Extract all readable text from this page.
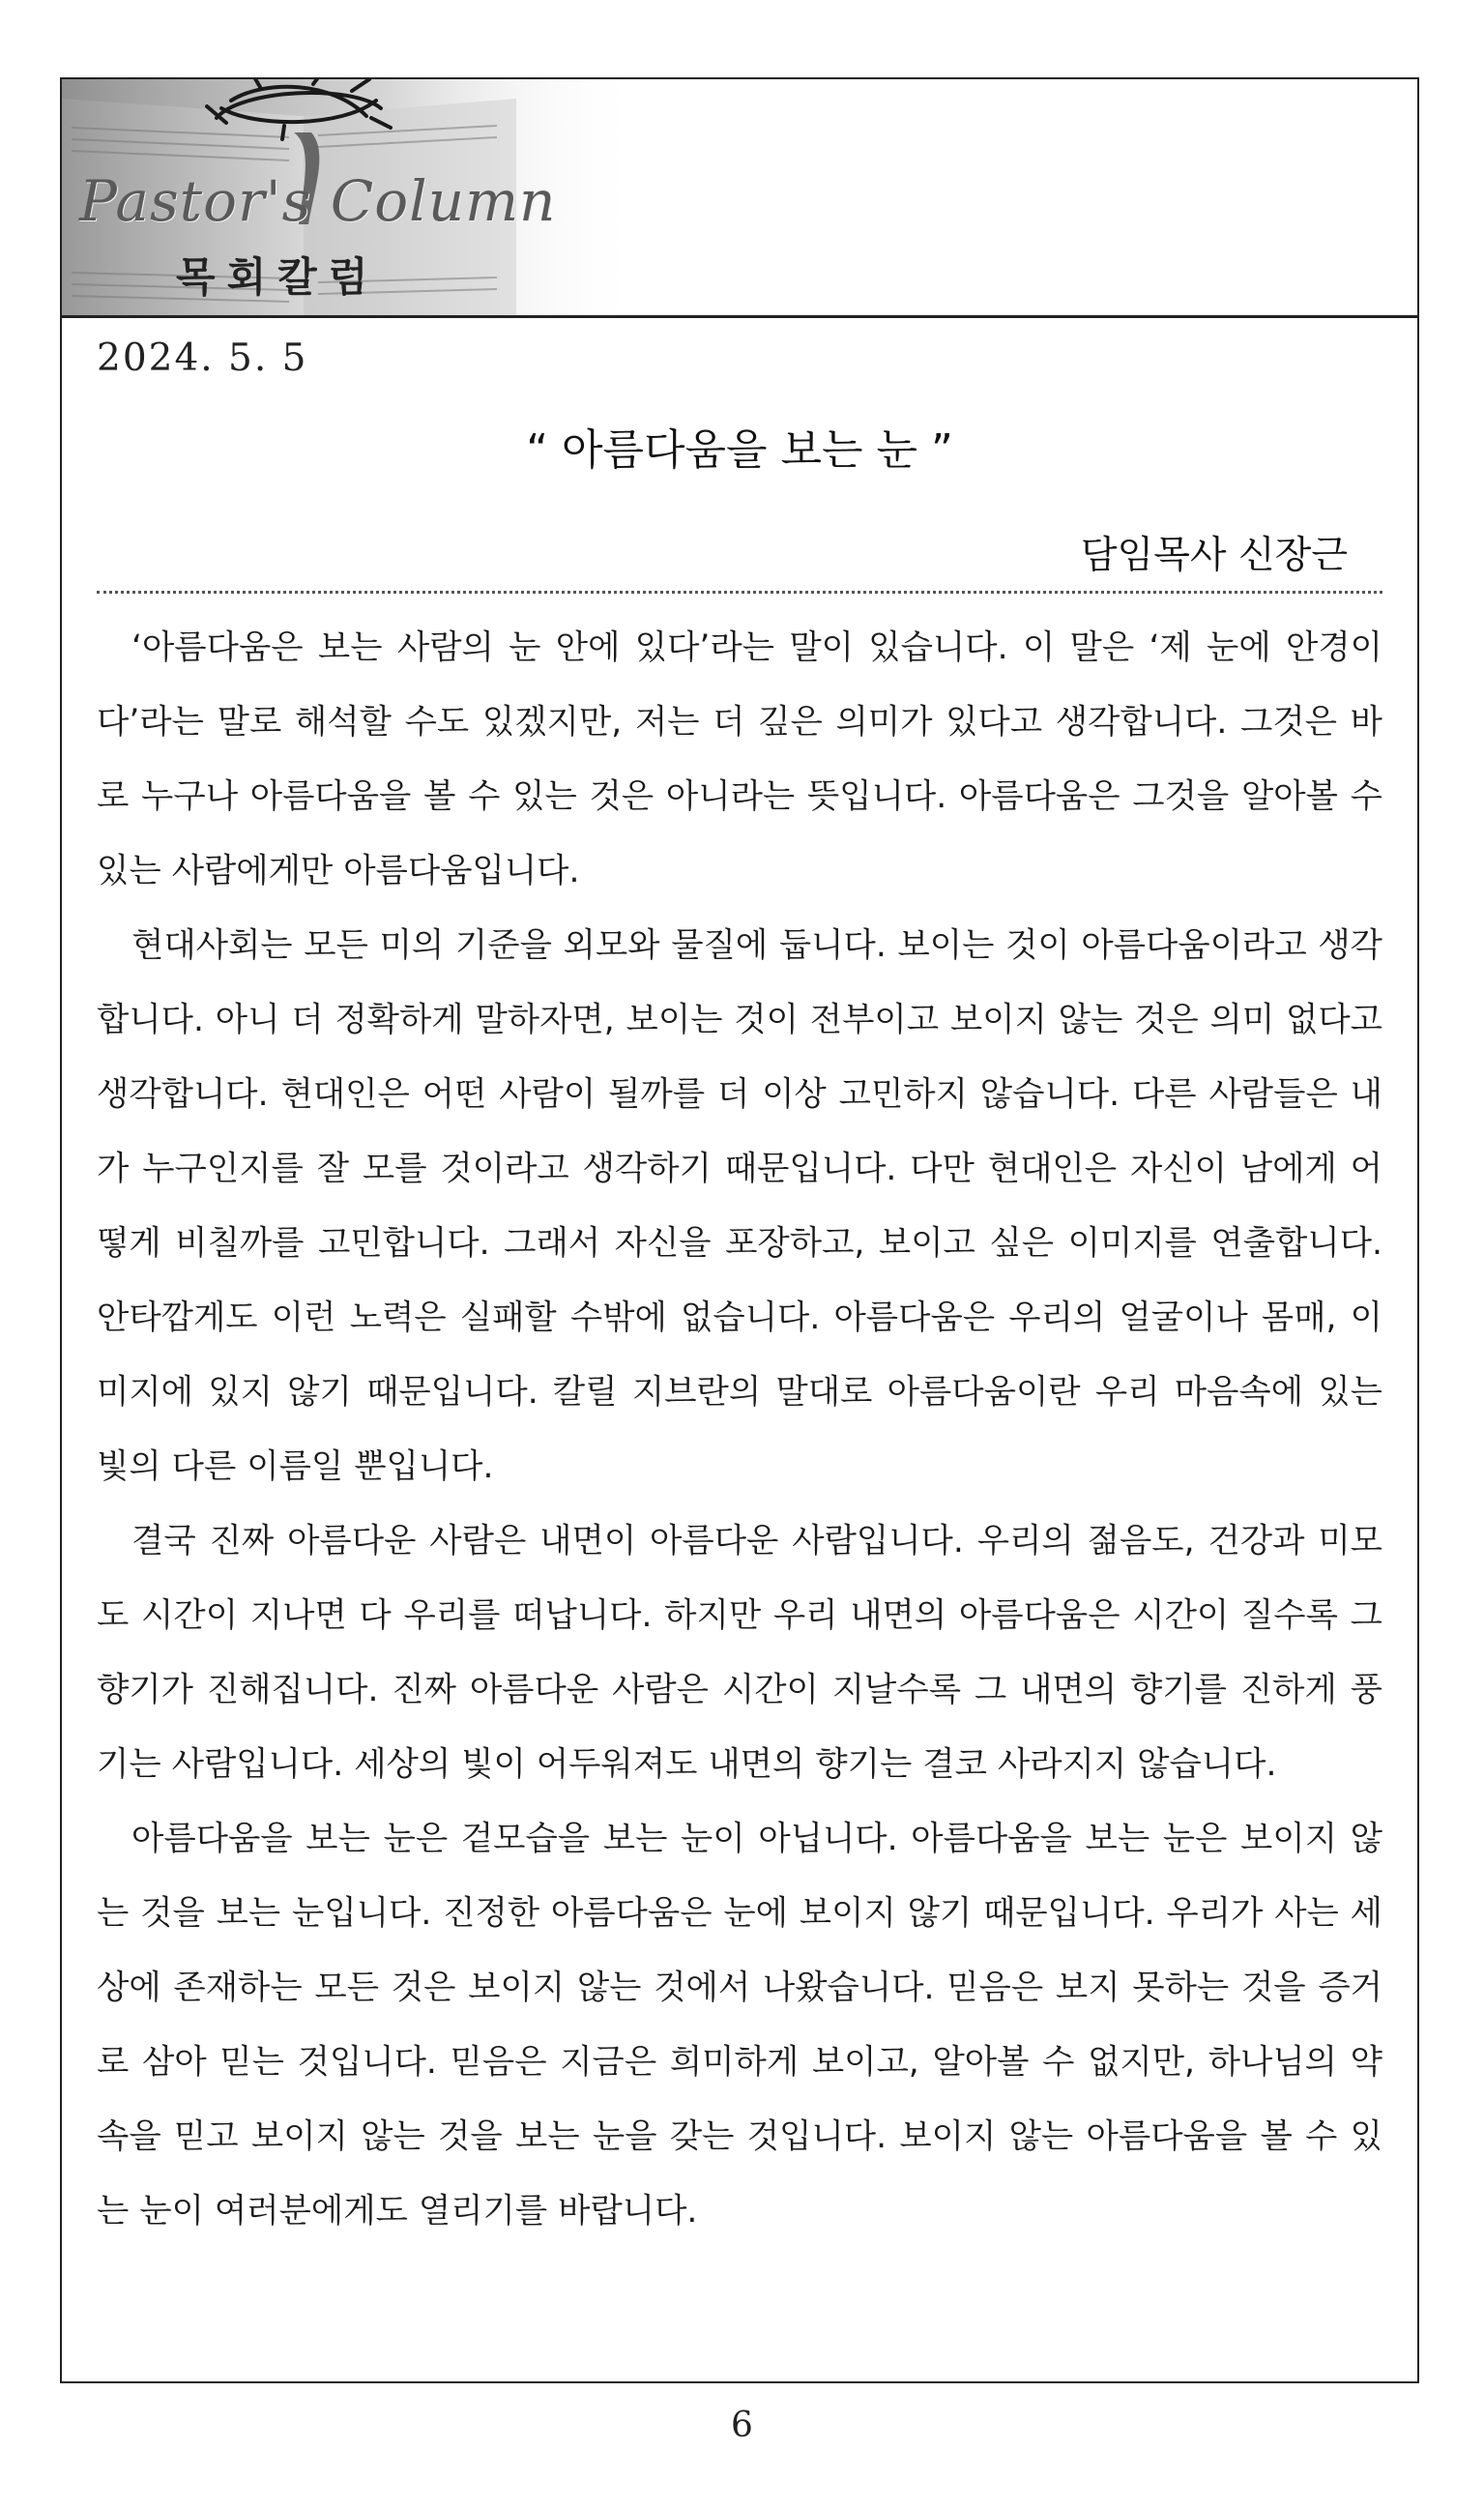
Pastor's Column
목회칼럼
2024. 5. 5
“ 아름다움을 보는 눈 ”
담임목사 신장근

‘아름다움은 보는 사람의 눈 안에 있다’라는 말이 있습니다. 이 말은 ‘제 눈에 안경이다’라는 말로 해석할 수도 있겠지만, 저는 더 깊은 의미가 있다고 생각합니다. 그것은 바로 누구나 아름다움을 볼 수 있는 것은 아니라는 뜻입니다. 아름다움은 그것을 알아볼 수 있는 사람에게만 아름다움입니다.

현대사회는 모든 미의 기준을 외모와 물질에 둡니다. 보이는 것이 아름다움이라고 생각합니다. 아니 더 정확하게 말하자면, 보이는 것이 전부이고 보이지 않는 것은 의미 없다고 생각합니다. 현대인은 어떤 사람이 될까를 더 이상 고민하지 않습니다. 다른 사람들은 내가 누구인지를 잘 모를 것이라고 생각하기 때문입니다. 다만 현대인은 자신이 남에게 어떻게 비칠까를 고민합니다. 그래서 자신을 포장하고, 보이고 싶은 이미지를 연출합니다. 안타깝게도 이런 노력은 실패할 수밖에 없습니다. 아름다움은 우리의 얼굴이나 몸매, 이미지에 있지 않기 때문입니다. 칼릴 지브란의 말대로 아름다움이란 우리 마음속에 있는 빛의 다른 이름일 뿐입니다.

결국 진짜 아름다운 사람은 내면이 아름다운 사람입니다. 우리의 젊음도, 건강과 미모도 시간이 지나면 다 우리를 떠납니다. 하지만 우리 내면의 아름다움은 시간이 질수록 그 향기가 진해집니다. 진짜 아름다운 사람은 시간이 지날수록 그 내면의 향기를 진하게 풍기는 사람입니다. 세상의 빛이 어두워져도 내면의 향기는 결코 사라지지 않습니다.

아름다움을 보는 눈은 겉모습을 보는 눈이 아닙니다. 아름다움을 보는 눈은 보이지 않는 것을 보는 눈입니다. 진정한 아름다움은 눈에 보이지 않기 때문입니다. 우리가 사는 세상에 존재하는 모든 것은 보이지 않는 것에서 나왔습니다. 믿음은 보지 못하는 것을 증거로 삼아 믿는 것입니다. 믿음은 지금은 희미하게 보이고, 알아볼 수 없지만, 하나님의 약속을 믿고 보이지 않는 것을 보는 눈을 갖는 것입니다. 보이지 않는 아름다움을 볼 수 있는 눈이 여러분에게도 열리기를 바랍니다.

6
